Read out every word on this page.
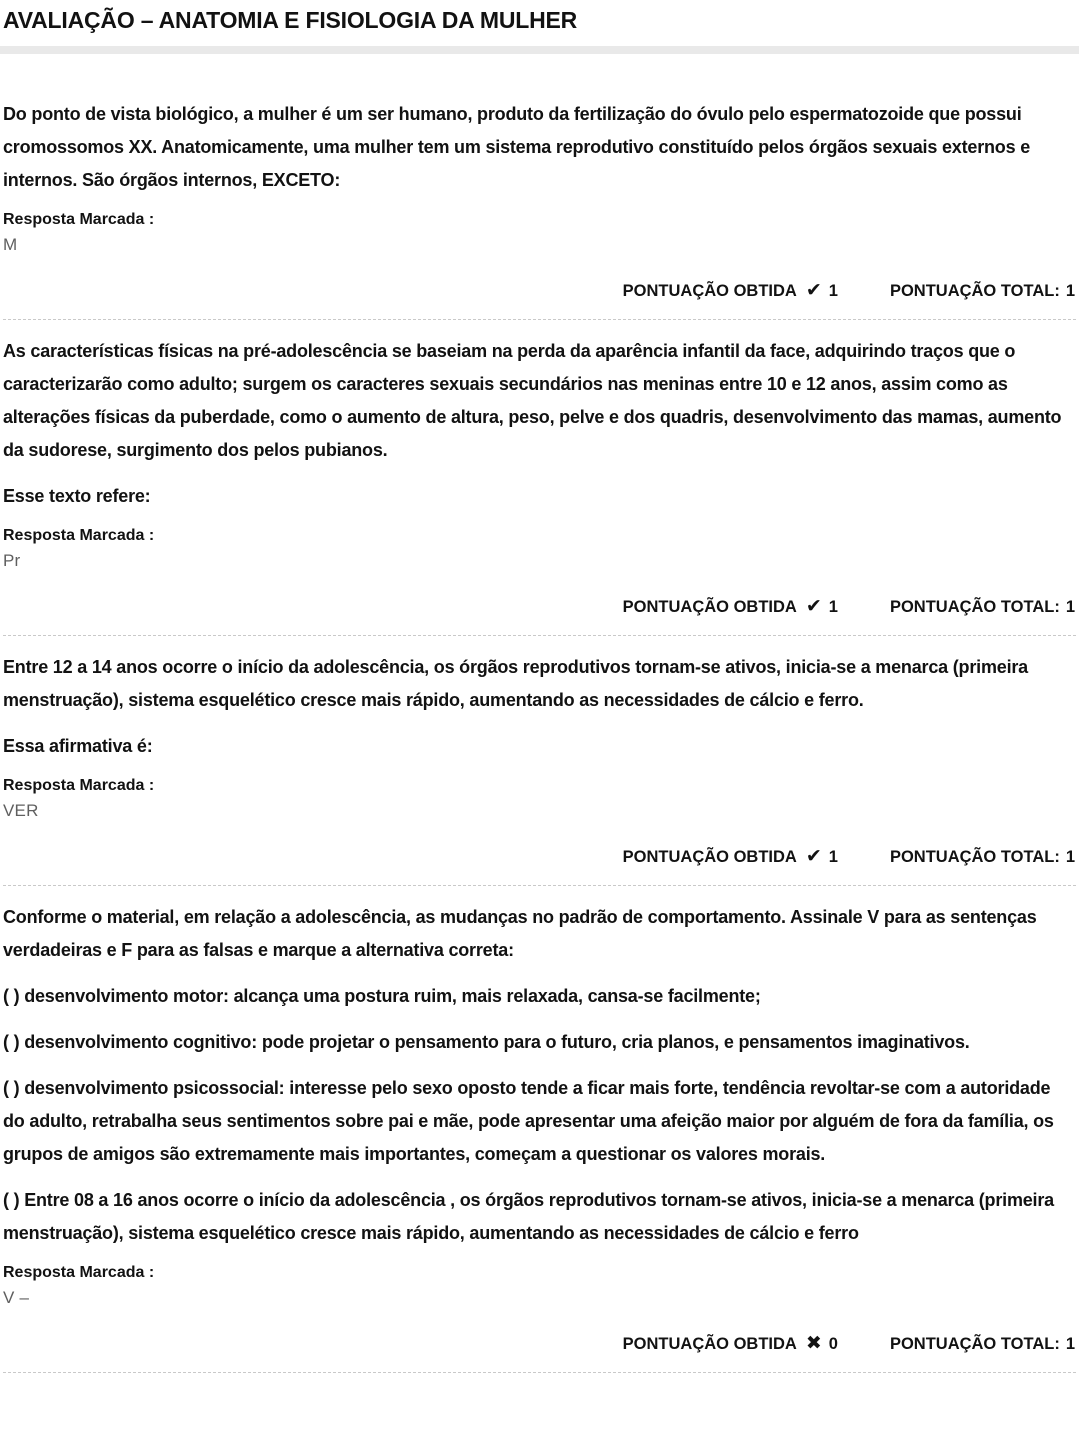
AVALIAÇÃO – ANATOMIA E FISIOLOGIA DA MULHER

Do ponto de vista biológico, a mulher é um ser humano, produto da fertilização do óvulo pelo espermatozoide que possui cromossomos XX. Anatomicamente, uma mulher tem um sistema reprodutivo constituído pelos órgãos sexuais externos e internos. São órgãos internos, EXCETO:

Resposta Marcada :
M
PONTUAÇÃO OBTIDA ✔ 1	PONTUAÇÃO TOTAL: 1

As características físicas na pré-adolescência se baseiam na perda da aparência infantil da face, adquirindo traços que o caracterizarão como adulto; surgem os caracteres sexuais secundários nas meninas entre 10 e 12 anos, assim como as alterações físicas da puberdade, como o aumento de altura, peso, pelve e dos quadris, desenvolvimento das mamas, aumento da sudorese, surgimento dos pelos pubianos.

Esse texto refere:

Resposta Marcada :
Pr
PONTUAÇÃO OBTIDA ✔ 1	PONTUAÇÃO TOTAL: 1

Entre 12 a 14 anos ocorre o início da adolescência, os órgãos reprodutivos tornam-se ativos, inicia-se a menarca (primeira menstruação), sistema esquelético cresce mais rápido, aumentando as necessidades de cálcio e ferro.

Essa afirmativa é:

Resposta Marcada :
VER
PONTUAÇÃO OBTIDA ✔ 1	PONTUAÇÃO TOTAL: 1

Conforme o material, em relação a adolescência, as mudanças no padrão de comportamento. Assinale V para as sentenças verdadeiras e F para as falsas e marque a alternativa correta:

( ) desenvolvimento motor: alcança uma postura ruim, mais relaxada, cansa-se facilmente;

( ) desenvolvimento cognitivo: pode projetar o pensamento para o futuro, cria planos, e pensamentos imaginativos.

( ) desenvolvimento psicossocial: interesse pelo sexo oposto tende a ficar mais forte, tendência revoltar-se com a autoridade do adulto, retrabalha seus sentimentos sobre pai e mãe, pode apresentar uma afeição maior por alguém de fora da família, os grupos de amigos são extremamente mais importantes, começam a questionar os valores morais.

( ) Entre 08 a 16 anos ocorre o início da adolescência , os órgãos reprodutivos tornam-se ativos, inicia-se a menarca (primeira menstruação), sistema esquelético cresce mais rápido, aumentando as necessidades de cálcio e ferro

Resposta Marcada :
V –
PONTUAÇÃO OBTIDA ✖ 0	PONTUAÇÃO TOTAL: 1
